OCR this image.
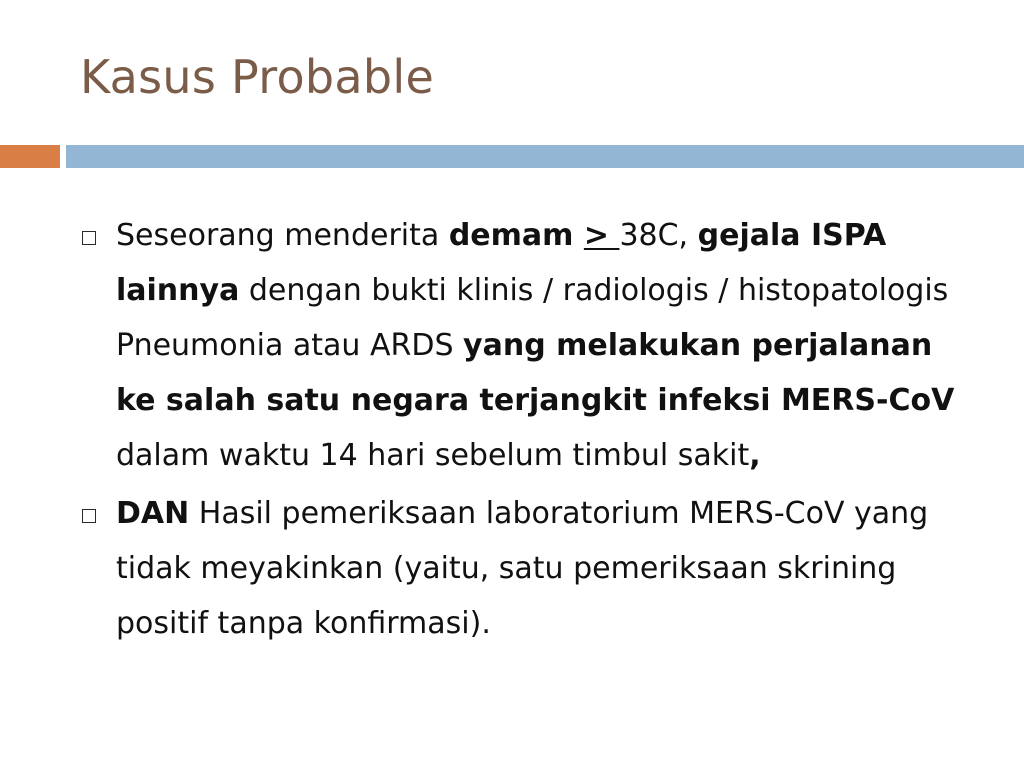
Kasus Probable
Seseorang menderita demam > 38C, gejala ISPA lainnya dengan bukti klinis / radiologis / histopatologis Pneumonia atau ARDS yang melakukan perjalanan ke salah satu negara terjangkit infeksi MERS-CoV dalam waktu 14 hari sebelum timbul sakit,
DAN Hasil pemeriksaan laboratorium MERS-CoV yang tidak meyakinkan (yaitu, satu pemeriksaan skrining positif tanpa konfirmasi).
